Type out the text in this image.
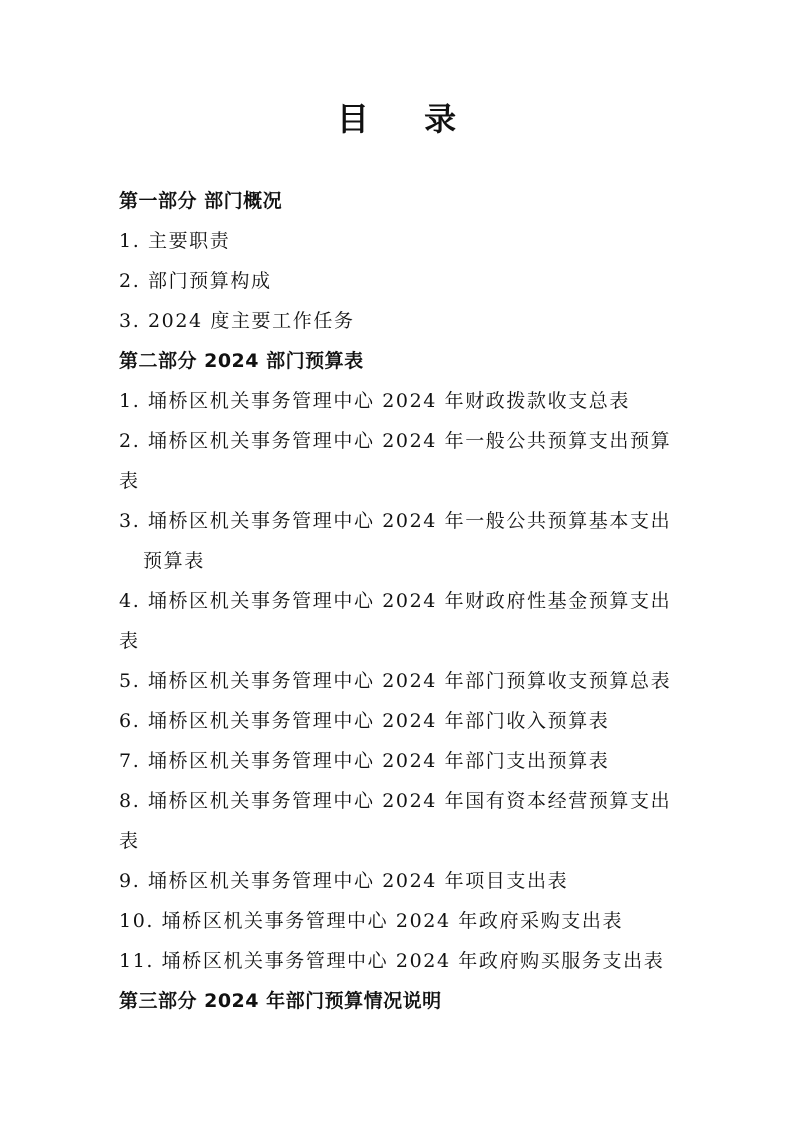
目 录
第一部分 部门概况
1. 主要职责
2. 部门预算构成
3. 2024 度主要工作任务
第二部分 2024 部门预算表
1. 埇桥区机关事务管理中心 2024 年财政拨款收支总表
2. 埇桥区机关事务管理中心 2024 年一般公共预算支出预算
表
3. 埇桥区机关事务管理中心 2024 年一般公共预算基本支出
预算表
4. 埇桥区机关事务管理中心 2024 年财政府性基金预算支出
表
5. 埇桥区机关事务管理中心 2024 年部门预算收支预算总表
6. 埇桥区机关事务管理中心 2024 年部门收入预算表
7. 埇桥区机关事务管理中心 2024 年部门支出预算表
8. 埇桥区机关事务管理中心 2024 年国有资本经营预算支出
表
9. 埇桥区机关事务管理中心 2024 年项目支出表
10. 埇桥区机关事务管理中心 2024 年政府采购支出表
11. 埇桥区机关事务管理中心 2024 年政府购买服务支出表
第三部分 2024 年部门预算情况说明
